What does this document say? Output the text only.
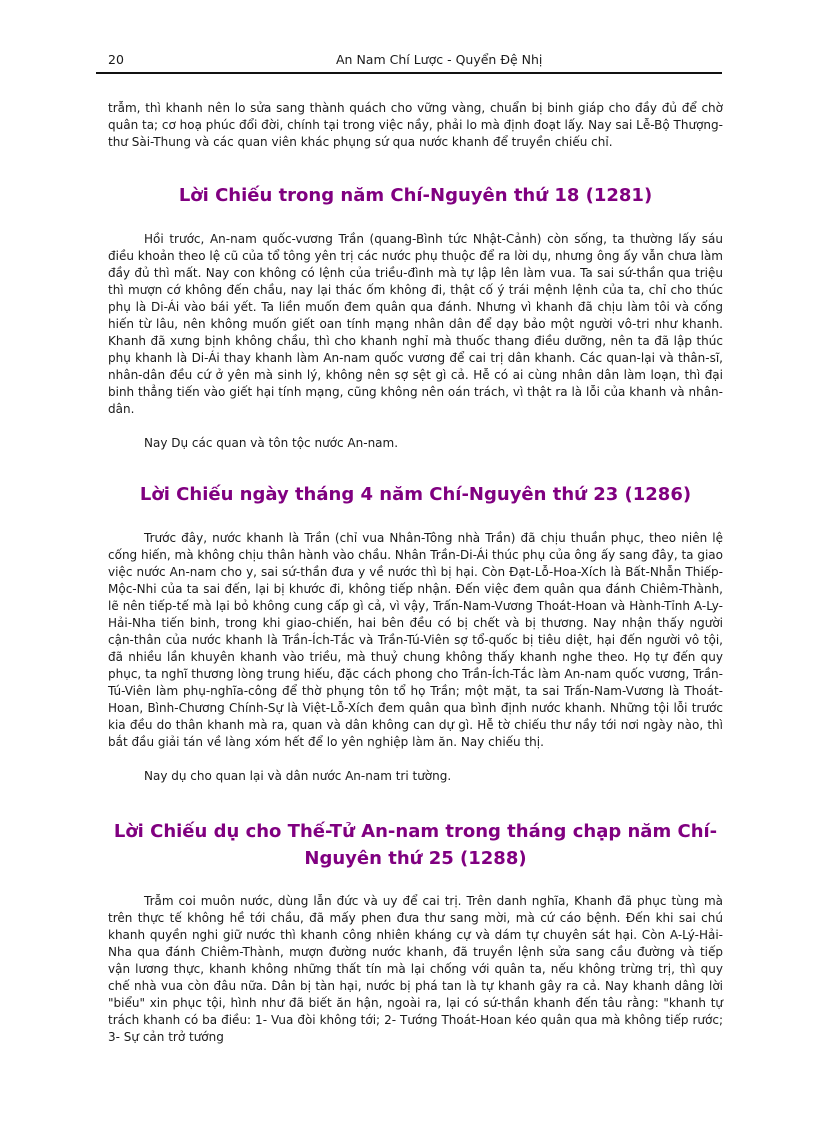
20	An Nam Chí Lược - Quyển Đệ Nhị

trẫm, thì khanh nên lo sửa sang thành quách cho vững vàng, chuẩn bị binh giáp cho đầy đủ để chờ quân ta; cơ hoạ phúc đổi đời, chính tại trong việc nầy, phải lo mà định đoạt lấy. Nay sai Lễ-Bộ Thượng-thư Sài-Thung và các quan viên khác phụng sứ qua nước khanh để truyền chiếu chỉ.

Lời Chiếu trong năm Chí-Nguyên thứ 18 (1281)

Hồi trước, An-nam quốc-vương Trần (quang-Bình tức Nhật-Cảnh) còn sống, ta thường lấy sáu điều khoản theo lệ cũ của tổ tông yên trị các nước phụ thuộc để ra lời dụ, nhưng ông ấy vẫn chưa làm đầy đủ thì mất. Nay con không có lệnh của triều-đình mà tự lập lên làm vua. Ta sai sứ-thần qua triệu thì mượn cớ không đến chầu, nay lại thác ốm không đi, thật cố ý trái mệnh lệnh của ta, chỉ cho thúc phụ là Di-Ái vào bái yết. Ta liền muốn đem quân qua đánh. Nhưng vì khanh đã chịu làm tôi và cống hiến từ lâu, nên không muốn giết oan tính mạng nhân dân để dạy bảo một người vô-tri như khanh. Khanh đã xưng bịnh không chầu, thì cho khanh nghỉ mà thuốc thang điều dưỡng, nên ta đã lập thúc phụ khanh là Di-Ái thay khanh làm An-nam quốc vương để cai trị dân khanh. Các quan-lại và thân-sĩ, nhân-dân đều cứ ở yên mà sinh lý, không nên sợ sệt gì cả. Hễ có ai cùng nhân dân làm loạn, thì đại binh thẳng tiến vào giết hại tính mạng, cũng không nên oán trách, vì thật ra là lỗi của khanh và nhân-dân.

Nay Dụ các quan và tôn tộc nước An-nam.

Lời Chiếu ngày tháng 4 năm Chí-Nguyên thứ 23 (1286)

Trước đây, nước khanh là Trần (chỉ vua Nhân-Tông nhà Trần) đã chịu thuần phục, theo niên lệ cống hiến, mà không chịu thân hành vào chầu. Nhân Trần-Di-Ái thúc phụ của ông ấy sang đây, ta giao việc nước An-nam cho y, sai sứ-thần đưa y về nước thì bị hại. Còn Đạt-Lỗ-Hoa-Xích là Bất-Nhẫn Thiếp-Mộc-Nhi của ta sai đến, lại bị khước đi, không tiếp nhận. Đến việc đem quân qua đánh Chiêm-Thành, lẽ nên tiếp-tế mà lại bỏ không cung cấp gì cả, vì vậy, Trấn-Nam-Vương Thoát-Hoan và Hành-Tỉnh A-Ly-Hải-Nha tiến binh, trong khi giao-chiến, hai bên đều có bị chết và bị thương. Nay nhận thấy người cận-thân của nước khanh là Trần-Ích-Tắc và Trần-Tú-Viên sợ tổ-quốc bị tiêu diệt, hại đến người vô tội, đã nhiều lần khuyên khanh vào triều, mà thuỷ chung không thấy khanh nghe theo. Họ tự đến quy phục, ta nghĩ thương lòng trung hiếu, đặc cách phong cho Trần-Ích-Tắc làm An-nam quốc vương, Trần-Tú-Viên làm phụ-nghĩa-công để thờ phụng tôn tổ họ Trần; một mặt, ta sai Trấn-Nam-Vương là Thoát-Hoan, Bình-Chương Chính-Sự là Việt-Lỗ-Xích đem quân qua bình định nước khanh. Những tội lỗi trước kia đều do thân khanh mà ra, quan và dân không can dự gì. Hễ tờ chiếu thư nầy tới nơi ngày nào, thì bắt đầu giải tán về làng xóm hết để lo yên nghiệp làm ăn. Nay chiếu thị.

Nay dụ cho quan lại và dân nước An-nam tri tường.

Lời Chiếu dụ cho Thế-Tử An-nam trong tháng chạp năm Chí-Nguyên thứ 25 (1288)

Trẫm coi muôn nước, dùng lẫn đức và uy để cai trị. Trên danh nghĩa, Khanh đã phục tùng mà trên thực tế không hề tới chầu, đã mấy phen đưa thư sang mời, mà cứ cáo bệnh. Đến khi sai chú khanh quyền nghi giữ nước thì khanh công nhiên kháng cự và dám tự chuyên sát hại. Còn A-Lý-Hải-Nha qua đánh Chiêm-Thành, mượn đường nước khanh, đã truyền lệnh sửa sang cầu đường và tiếp vận lương thực, khanh không những thất tín mà lại chống với quân ta, nếu không trừng trị, thì quy chế nhà vua còn đâu nữa. Dân bị tàn hại, nước bị phá tan là tự khanh gây ra cả. Nay khanh dâng lời "biểu" xin phục tội, hình như đã biết ăn hận, ngoài ra, lại có sứ-thần khanh đến tâu rằng: "khanh tự trách khanh có ba điều: 1- Vua đòi không tới; 2- Tướng Thoát-Hoan kéo quân qua mà không tiếp rước; 3- Sự cản trở tướng
